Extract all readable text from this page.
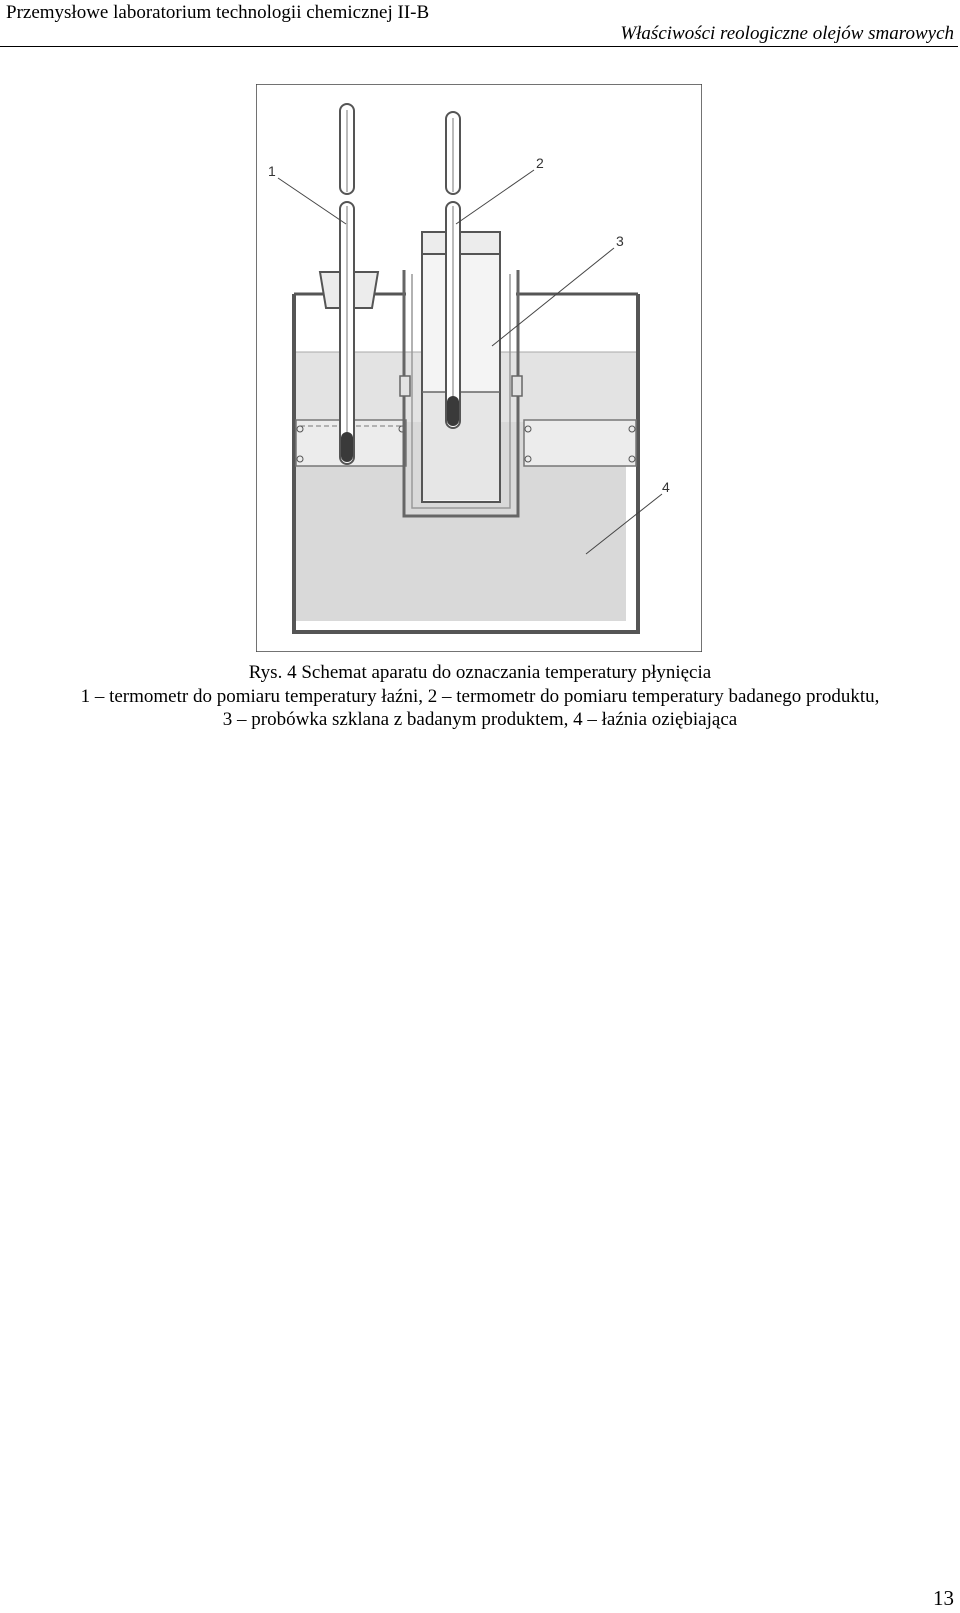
Przemysłowe laboratorium technologii chemicznej II-B
Właściwości reologiczne olejów smarowych
1	2
3
4
Rys. 4 Schemat aparatu do oznaczania temperatury płynięcia
1 – termometr do pomiaru temperatury łaźni, 2 – termometr do pomiaru temperatury badanego produktu,
3 – probówka szklana z badanym produktem, 4 – łaźnia oziębiająca
13
